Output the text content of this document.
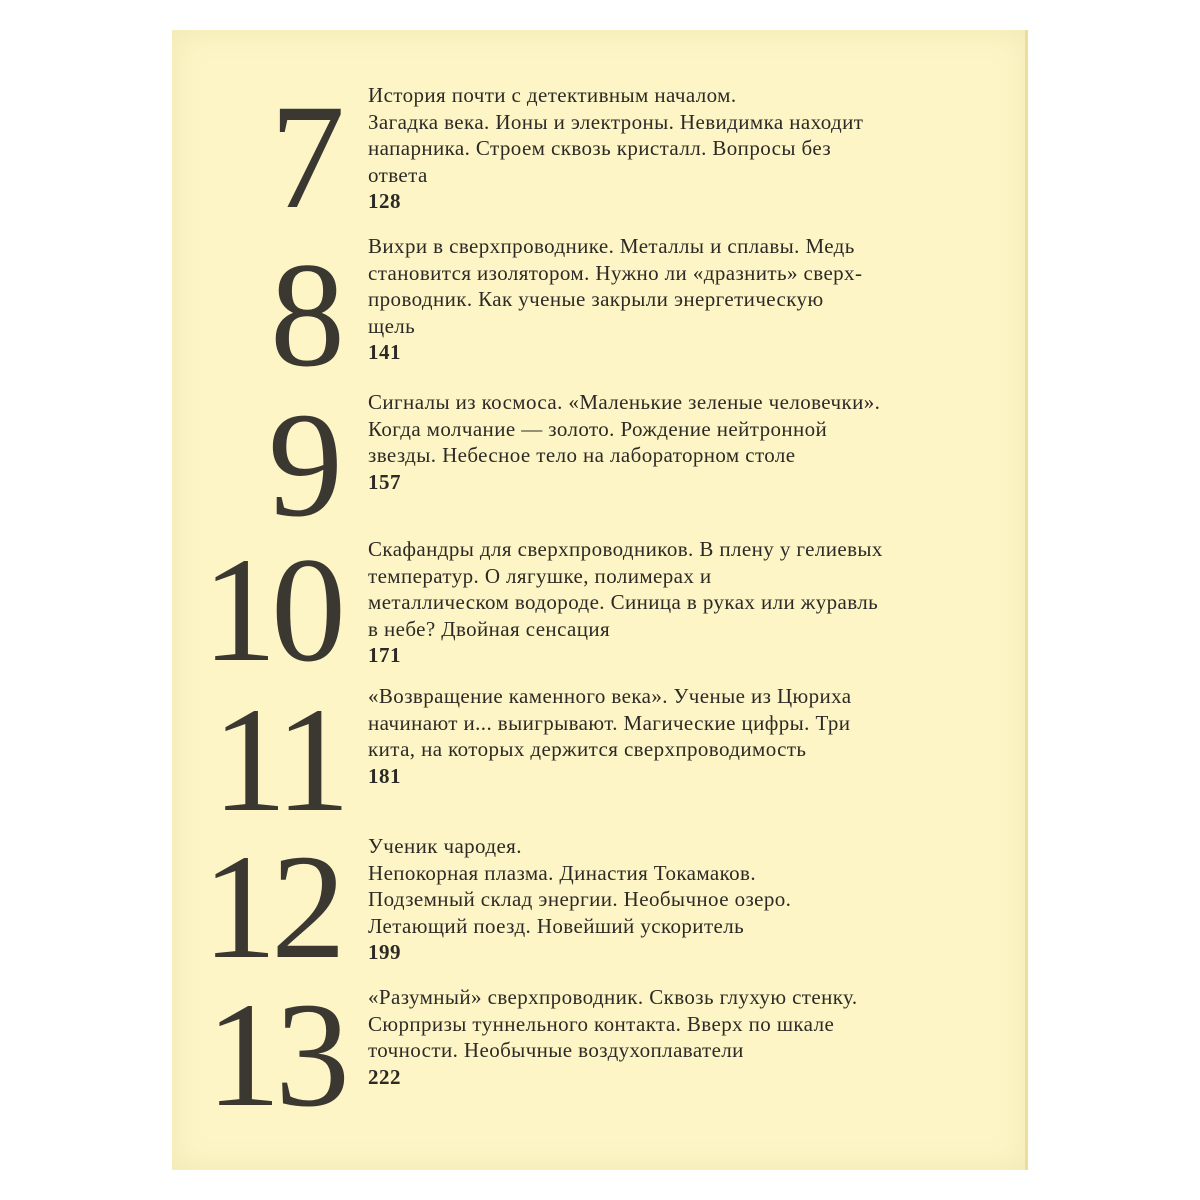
7 История почти с детективным началом.
Загадка века. Ионы и электроны. Невидимка находит
напарника. Строем сквозь кристалл. Вопросы без
ответа
128
8 Вихри в сверхпроводнике. Металлы и сплавы. Медь
становится изолятором. Нужно ли «дразнить» сверх-
проводник. Как ученые закрыли энергетическую
щель
141
9 Сигналы из космоса. «Маленькие зеленые человечки».
Когда молчание — золото. Рождение нейтронной
звезды. Небесное тело на лабораторном столе
157
10 Скафандры для сверхпроводников. В плену у гелиевых
температур. О лягушке, полимерах и
металлическом водороде. Синица в руках или журавль
в небе? Двойная сенсация
171
11 «Возвращение каменного века». Ученые из Цюриха
начинают и... выигрывают. Магические цифры. Три
кита, на которых держится сверхпроводимость
181
12 Ученик чародея.
Непокорная плазма. Династия Токамаков.
Подземный склад энергии. Необычное озеро.
Летающий поезд. Новейший ускоритель
199
13 «Разумный» сверхпроводник. Сквозь глухую стенку.
Сюрпризы туннельного контакта. Вверх по шкале
точности. Необычные воздухоплаватели
222
